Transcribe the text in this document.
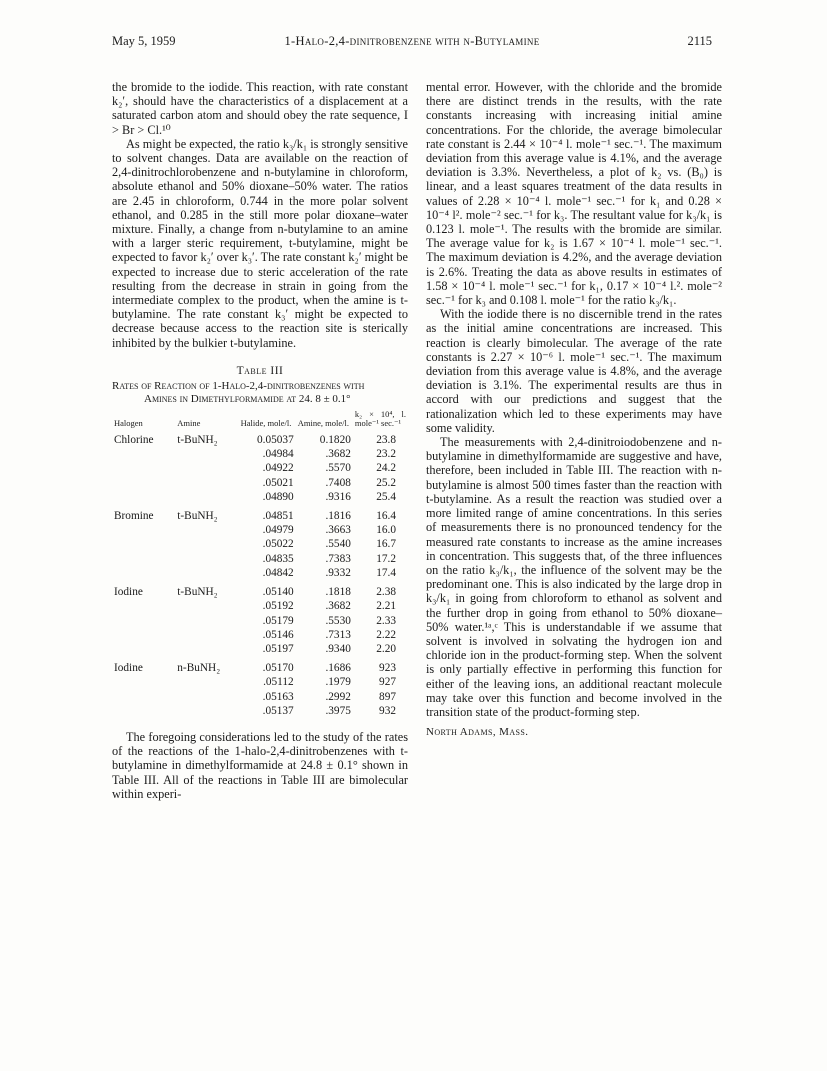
May 5, 1959	1-Halo-2,4-dinitrobenzene with n-Butylamine	2115

the bromide to the iodide. This reaction, with rate constant k₂′, should have the characteristics of a displacement at a saturated carbon atom and should obey the rate sequence, I > Br > Cl.¹⁰

As might be expected, the ratio k₃/k₁ is strongly sensitive to solvent changes. Data are available on the reaction of 2,4-dinitrochlorobenzene and n-butylamine in chloroform, absolute ethanol and 50% dioxane–50% water. The ratios are 2.45 in chloroform, 0.744 in the more polar solvent ethanol, and 0.285 in the still more polar dioxane–water mixture. Finally, a change from n-butylamine to an amine with a larger steric requirement, t-butylamine, might be expected to favor k₂′ over k₃′. The rate constant k₂′ might be expected to increase due to steric acceleration of the rate resulting from the decrease in strain in going from the intermediate complex to the product, when the amine is t-butylamine. The rate constant k₃′ might be expected to decrease because access to the reaction site is sterically inhibited by the bulkier t-butylamine.

Table III
Rates of Reaction of 1-Halo-2,4-dinitrobenzenes with
Amines in Dimethylformamide at 24. 8 ± 0.1°
Halogen	Amine	Halide, mole/l.	Amine, mole/l.	k₂ × 10⁴, l. mole⁻¹ sec.⁻¹
Chlorine	t-BuNH₂	0.05037	0.1820	23.8
		.04984	.3682	23.2
		.04922	.5570	24.2
		.05021	.7408	25.2
		.04890	.9316	25.4
Bromine	t-BuNH₂	.04851	.1816	16.4
		.04979	.3663	16.0
		.05022	.5540	16.7
		.04835	.7383	17.2
		.04842	.9332	17.4
Iodine	t-BuNH₂	.05140	.1818	2.38
		.05192	.3682	2.21
		.05179	.5530	2.33
		.05146	.7313	2.22
		.05197	.9340	2.20
Iodine	n-BuNH₂	.05170	.1686	923
		.05112	.1979	927
		.05163	.2992	897
		.05137	.3975	932

The foregoing considerations led to the study of the rates of the reactions of the 1-halo-2,4-dinitrobenzenes with t-butylamine in dimethylformamide at 24.8 ± 0.1° shown in Table III. All of the reactions in Table III are bimolecular within experi-

mental error. However, with the chloride and the bromide there are distinct trends in the results, with the rate constants increasing with increasing initial amine concentrations. For the chloride, the average bimolecular rate constant is 2.44 × 10⁻⁴ l. mole⁻¹ sec.⁻¹. The maximum deviation from this average value is 4.1%, and the average deviation is 3.3%. Nevertheless, a plot of k₂ vs. (B₀) is linear, and a least squares treatment of the data results in values of 2.28 × 10⁻⁴ l. mole⁻¹ sec.⁻¹ for k₁ and 0.28 × 10⁻⁴ l². mole⁻² sec.⁻¹ for k₃. The resultant value for k₃/k₁ is 0.123 l. mole⁻¹. The results with the bromide are similar. The average value for k₂ is 1.67 × 10⁻⁴ l. mole⁻¹ sec.⁻¹. The maximum deviation is 4.2%, and the average deviation is 2.6%. Treating the data as above results in estimates of 1.58 × 10⁻⁴ l. mole⁻¹ sec.⁻¹ for k₁, 0.17 × 10⁻⁴ l.². mole⁻² sec.⁻¹ for k₃ and 0.108 l. mole⁻¹ for the ratio k₃/k₁.

With the iodide there is no discernible trend in the rates as the initial amine concentrations are increased. This reaction is clearly bimolecular. The average of the rate constants is 2.27 × 10⁻⁶ l. mole⁻¹ sec.⁻¹. The maximum deviation from this average value is 4.8%, and the average deviation is 3.1%. The experimental results are thus in accord with our predictions and suggest that the rationalization which led to these experiments may have some validity.

The measurements with 2,4-dinitroiodobenzene and n-butylamine in dimethylformamide are suggestive and have, therefore, been included in Table III. The reaction with n-butylamine is almost 500 times faster than the reaction with t-butylamine. As a result the reaction was studied over a more limited range of amine concentrations. In this series of measurements there is no pronounced tendency for the measured rate constants to increase as the amine increases in concentration. This suggests that, of the three influences on the ratio k₃/k₁, the influence of the solvent may be the predominant one. This is also indicated by the large drop in k₃/k₁ in going from chloroform to ethanol as solvent and the further drop in going from ethanol to 50% dioxane–50% water.¹ᵃ,ᶜ This is understandable if we assume that solvent is involved in solvating the hydrogen ion and chloride ion in the product-forming step. When the solvent is only partially effective in performing this function for either of the leaving ions, an additional reactant molecule may take over this function and become involved in the transition state of the product-forming step.

North Adams, Mass.
